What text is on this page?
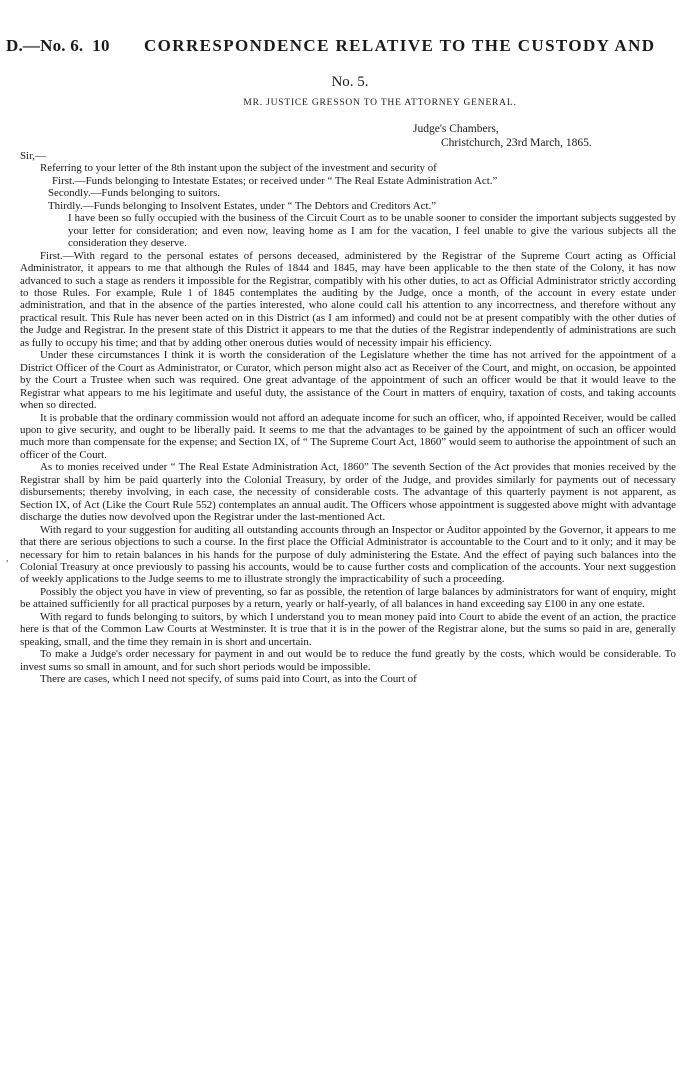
D.—No. 6. 10 CORRESPONDENCE RELATIVE TO THE CUSTODY AND
No. 5.
MR. JUSTICE GRESSON TO THE ATTORNEY GENERAL.
Judge's Chambers,
Christchurch, 23rd March, 1865.
,

Sir,—

Referring to your letter of the 8th instant upon the subject of the investment and security of

First.—Funds belonging to Intestate Estates; or received under “ The Real Estate Administration Act.”

Secondly.—Funds belonging to suitors.

Thirdly.—Funds belonging to Insolvent Estates, under “ The Debtors and Creditors Act.”

I have been so fully occupied with the business of the Circuit Court as to be unable sooner to consider the important subjects suggested by your letter for consideration; and even now, leaving home as I am for the vacation, I feel unable to give the various subjects all the consideration they deserve.

First.—With regard to the personal estates of persons deceased, administered by the Registrar of the Supreme Court acting as Official Administrator, it appears to me that although the Rules of 1844 and 1845, may have been applicable to the then state of the Colony, it has now advanced to such a stage as renders it impossible for the Registrar, compatibly with his other duties, to act as Official Administrator strictly according to those Rules. For example, Rule 1 of 1845 contemplates the auditing by the Judge, once a month, of the account in every estate under administration, and that in the absence of the parties interested, who alone could call his attention to any incorrectness, and therefore without any practical result. This Rule has never been acted on in this District (as I am informed) and could not be at present compatibly with the other duties of the Judge and Registrar. In the present state of this District it appears to me that the duties of the Registrar independently of administrations are such as fully to occupy his time; and that by adding other onerous duties would of necessity impair his efficiency.

Under these circumstances I think it is worth the consideration of the Legislature whether the time has not arrived for the appointment of a District Officer of the Court as Administrator, or Curator, which person might also act as Receiver of the Court, and might, on occasion, be appointed by the Court a Trustee when such was required. One great advantage of the appointment of such an officer would be that it would leave to the Registrar what appears to me his legitimate and useful duty, the assistance of the Court in matters of enquiry, taxation of costs, and taking accounts when so directed.

It is probable that the ordinary commission would not afford an adequate income for such an officer, who, if appointed Receiver, would be called upon to give security, and ought to be liberally paid. It seems to me that the advantages to be gained by the appointment of such an officer would much more than compensate for the expense; and Section IX, of “ The Supreme Court Act, 1860” would seem to authorise the appointment of such an officer of the Court.

As to monies received under “ The Real Estate Administration Act, 1860” The seventh Section of the Act provides that monies received by the Registrar shall by him be paid quarterly into the Colonial Treasury, by order of the Judge, and provides similarly for payments out of necessary disbursements; thereby involving, in each case, the necessity of considerable costs. The advantage of this quarterly payment is not apparent, as Section IX, of Act (Like the Court Rule 552) contemplates an annual audit. The Officers whose appointment is suggested above might with advantage discharge the duties now devolved upon the Registrar under the last-mentioned Act.

With regard to your suggestion for auditing all outstanding accounts through an Inspector or Auditor appointed by the Governor, it appears to me that there are serious objections to such a course. In the first place the Official Administrator is accountable to the Court and to it only; and it may be necessary for him to retain balances in his hands for the purpose of duly administering the Estate. And the effect of paying such balances into the Colonial Treasury at once previously to passing his accounts, would be to cause further costs and complication of the accounts. Your next suggestion of weekly applications to the Judge seems to me to illustrate strongly the impracticability of such a proceeding.

Possibly the object you have in view of preventing, so far as possible, the retention of large balances by administrators for want of enquiry, might be attained sufficiently for all practical purposes by a return, yearly or half-yearly, of all balances in hand exceeding say £100 in any one estate.

With regard to funds belonging to suitors, by which I understand you to mean money paid into Court to abide the event of an action, the practice here is that of the Common Law Courts at Westminster. It is true that it is in the power of the Registrar alone, but the sums so paid in are, generally speaking, small, and the time they remain in is short and uncertain.

To make a Judge's order necessary for payment in and out would be to reduce the fund greatly by the costs, which would be considerable. To invest sums so small in amount, and for such short periods would be impossible.

There are cases, which I need not specify, of sums paid into Court, as into the Court of
